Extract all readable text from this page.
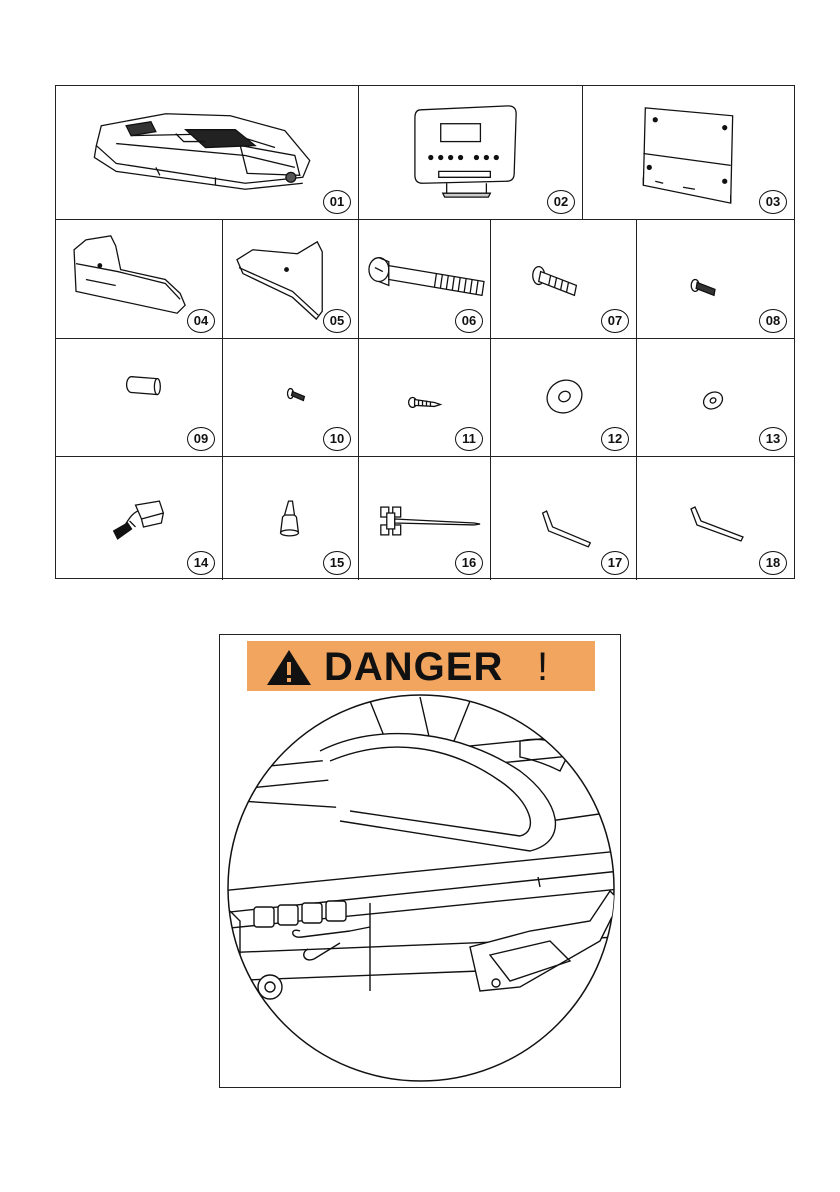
01	02	03
04	05	06	07	08
09	10	11	12	13
14	15	16	17	18
DANGER !
